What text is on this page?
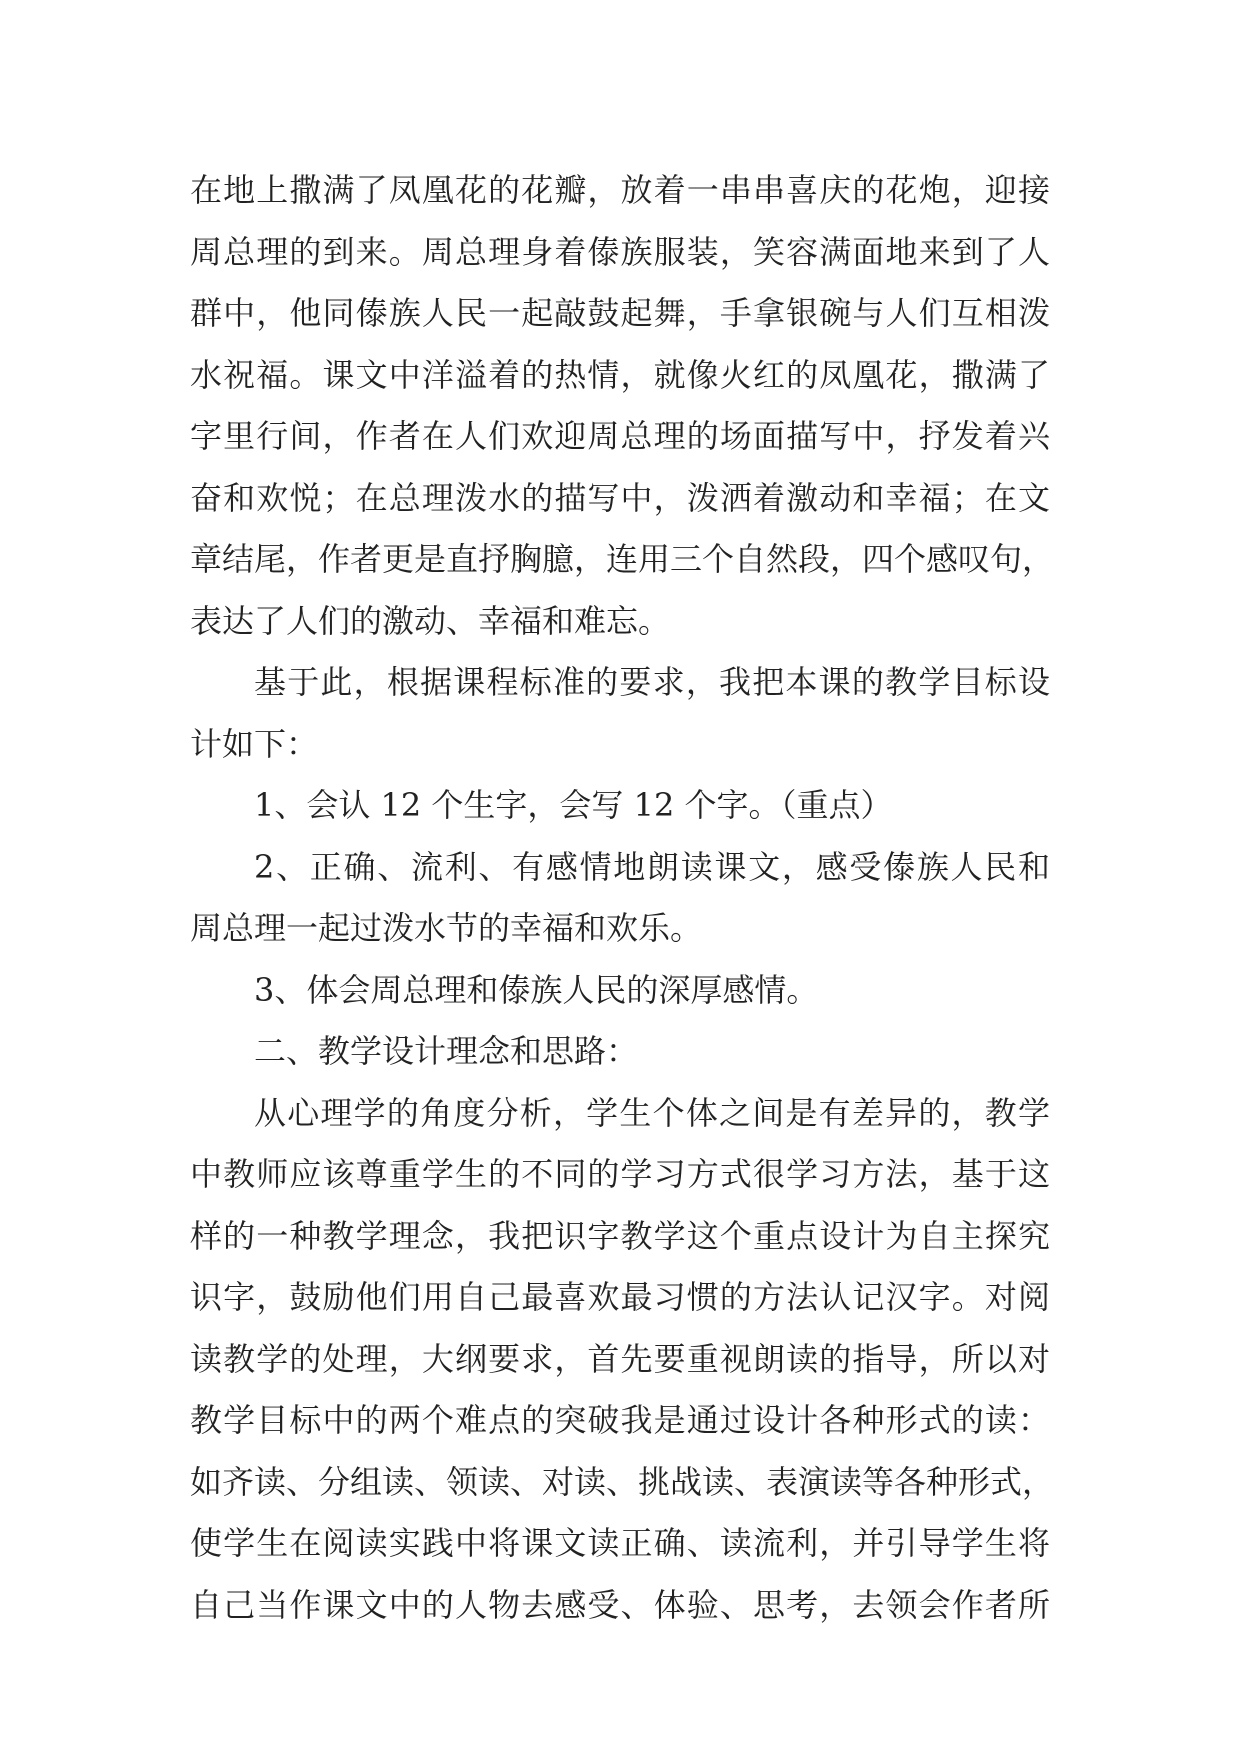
在地上撒满了凤凰花的花瓣，放着一串串喜庆的花炮，迎接
周总理的到来。周总理身着傣族服装，笑容满面地来到了人
群中，他同傣族人民一起敲鼓起舞，手拿银碗与人们互相泼
水祝福。课文中洋溢着的热情，就像火红的凤凰花，撒满了
字里行间，作者在人们欢迎周总理的场面描写中，抒发着兴
奋和欢悦；在总理泼水的描写中，泼洒着激动和幸福；在文
章结尾，作者更是直抒胸臆，连用三个自然段，四个感叹句，
表达了人们的激动、幸福和难忘。
基于此，根据课程标准的要求，我把本课的教学目标设
计如下：
1、会认 12 个生字，会写 12 个字。（重点）
2、正确、流利、有感情地朗读课文，感受傣族人民和
周总理一起过泼水节的幸福和欢乐。
3、体会周总理和傣族人民的深厚感情。
二、教学设计理念和思路：
从心理学的角度分析，学生个体之间是有差异的，教学
中教师应该尊重学生的不同的学习方式很学习方法，基于这
样的一种教学理念，我把识字教学这个重点设计为自主探究
识字，鼓励他们用自己最喜欢最习惯的方法认记汉字。对阅
读教学的处理，大纲要求，首先要重视朗读的指导，所以对
教学目标中的两个难点的突破我是通过设计各种形式的读：
如齐读、分组读、领读、对读、挑战读、表演读等各种形式，
使学生在阅读实践中将课文读正确、读流利，并引导学生将
自己当作课文中的人物去感受、体验、思考，去领会作者所
